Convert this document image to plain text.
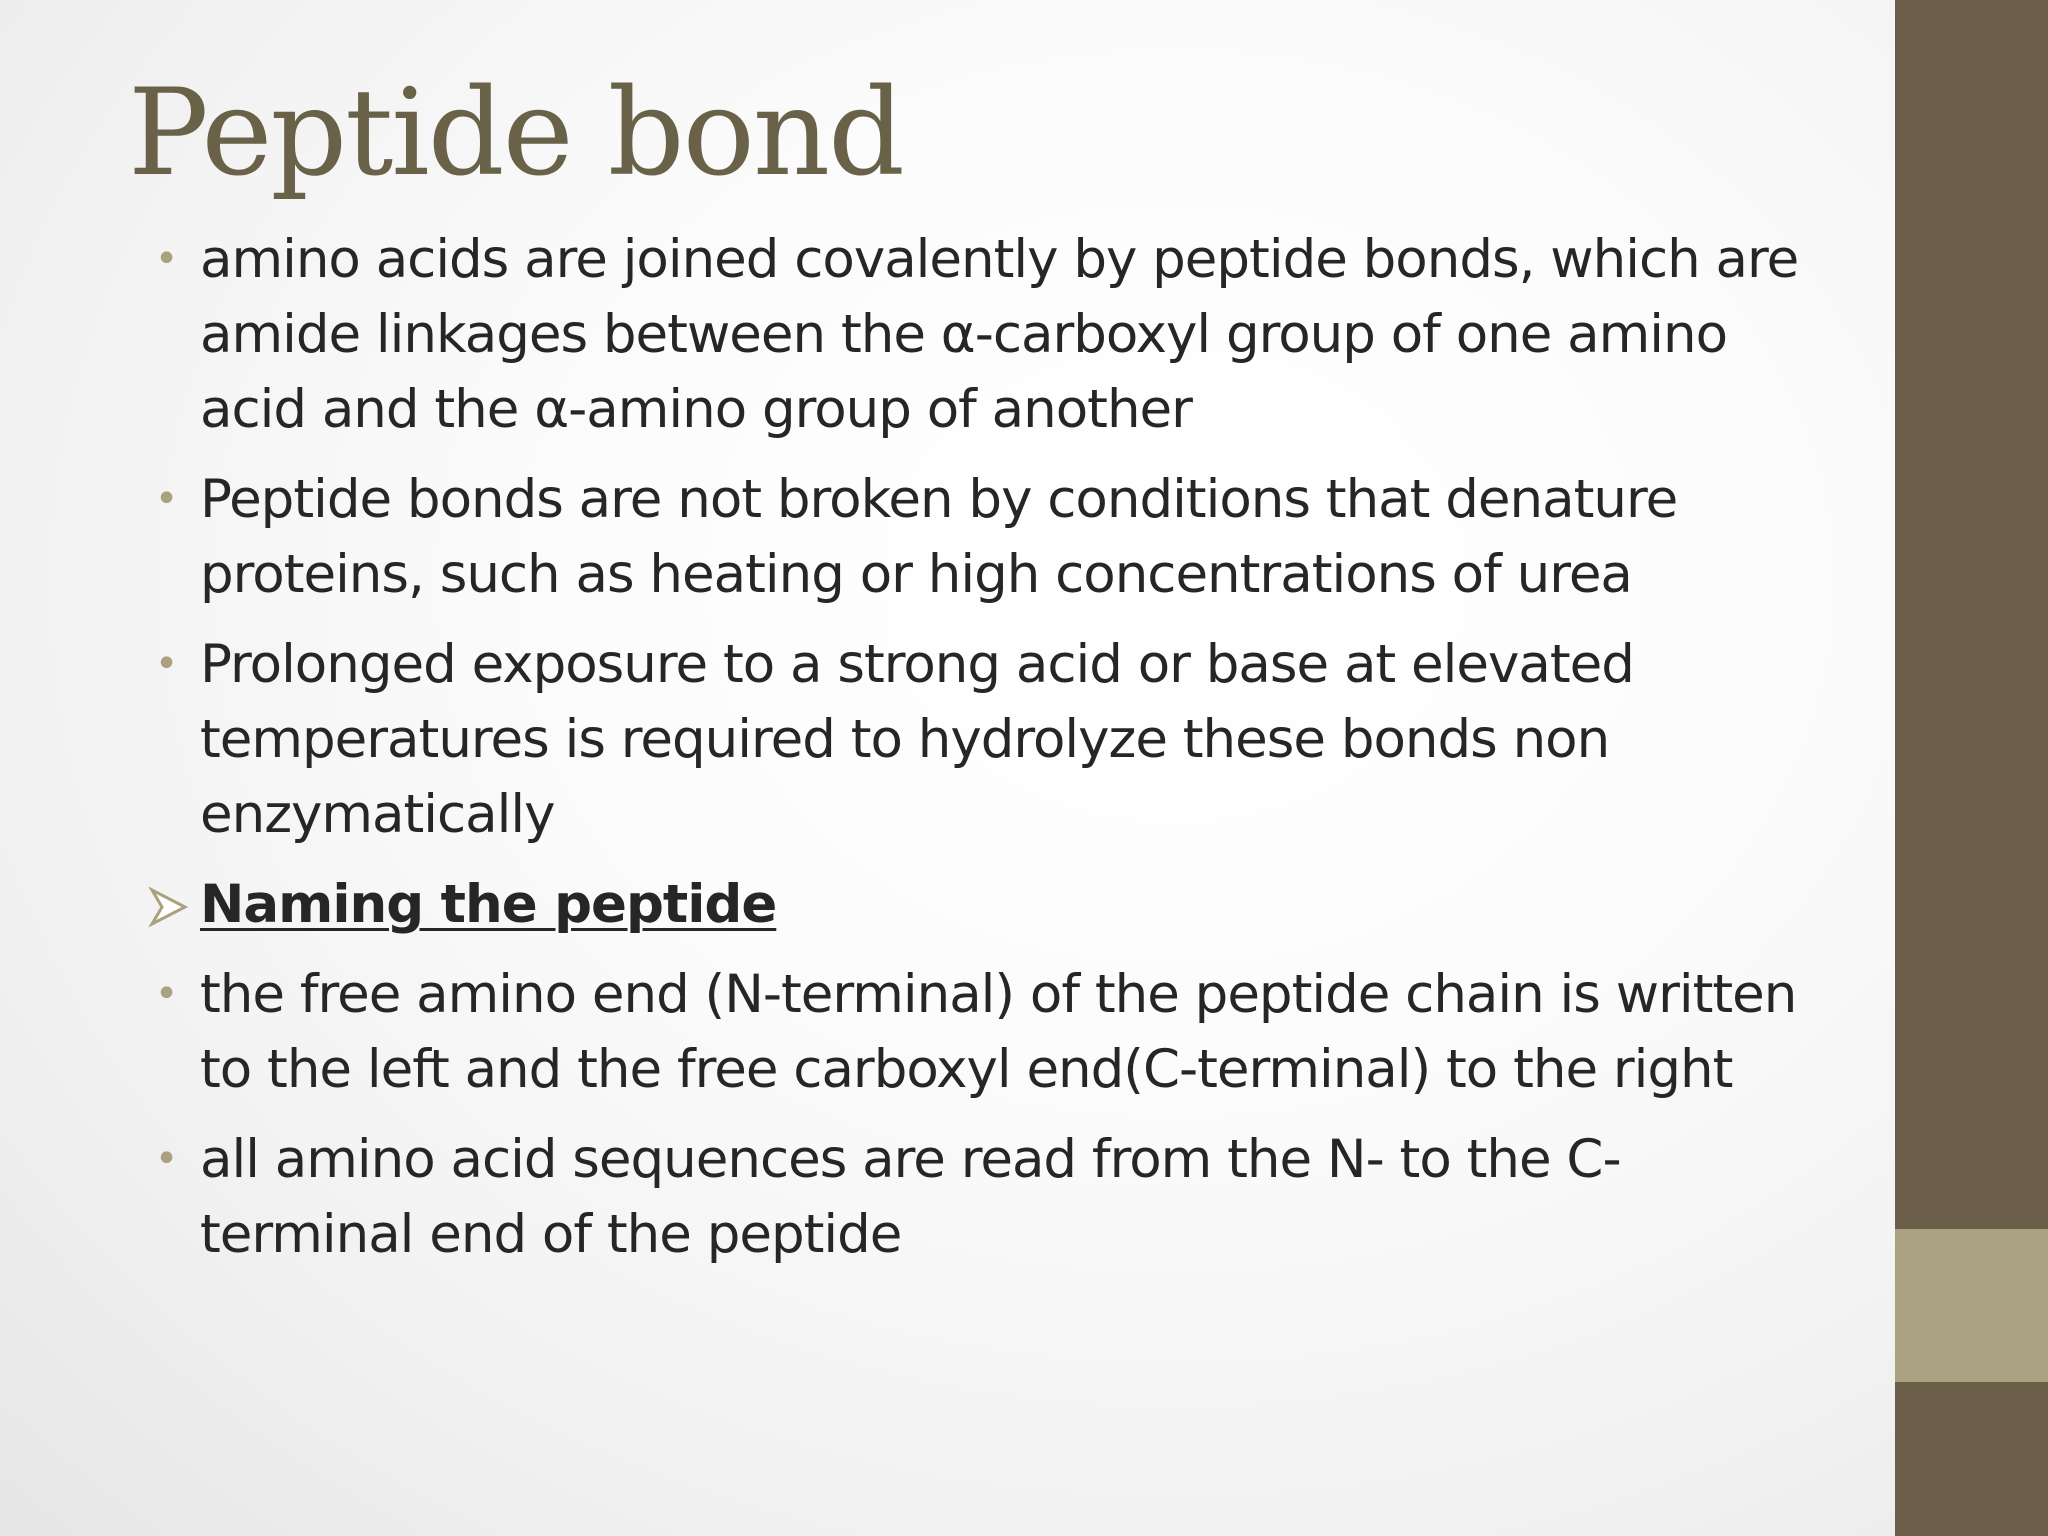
Peptide bond
• amino acids are joined covalently by peptide bonds, which are amide linkages between the α-carboxyl group of one amino acid and the α-amino group of another
• Peptide bonds are not broken by conditions that denature proteins, such as heating or high concentrations of urea
• Prolonged exposure to a strong acid or base at elevated temperatures is required to hydrolyze these bonds non enzymatically
Naming the peptide
• the free amino end (N-terminal) of the peptide chain is written to the left and the free carboxyl end(C-terminal) to the right
• all amino acid sequences are read from the N- to the C-terminal end of the peptide
